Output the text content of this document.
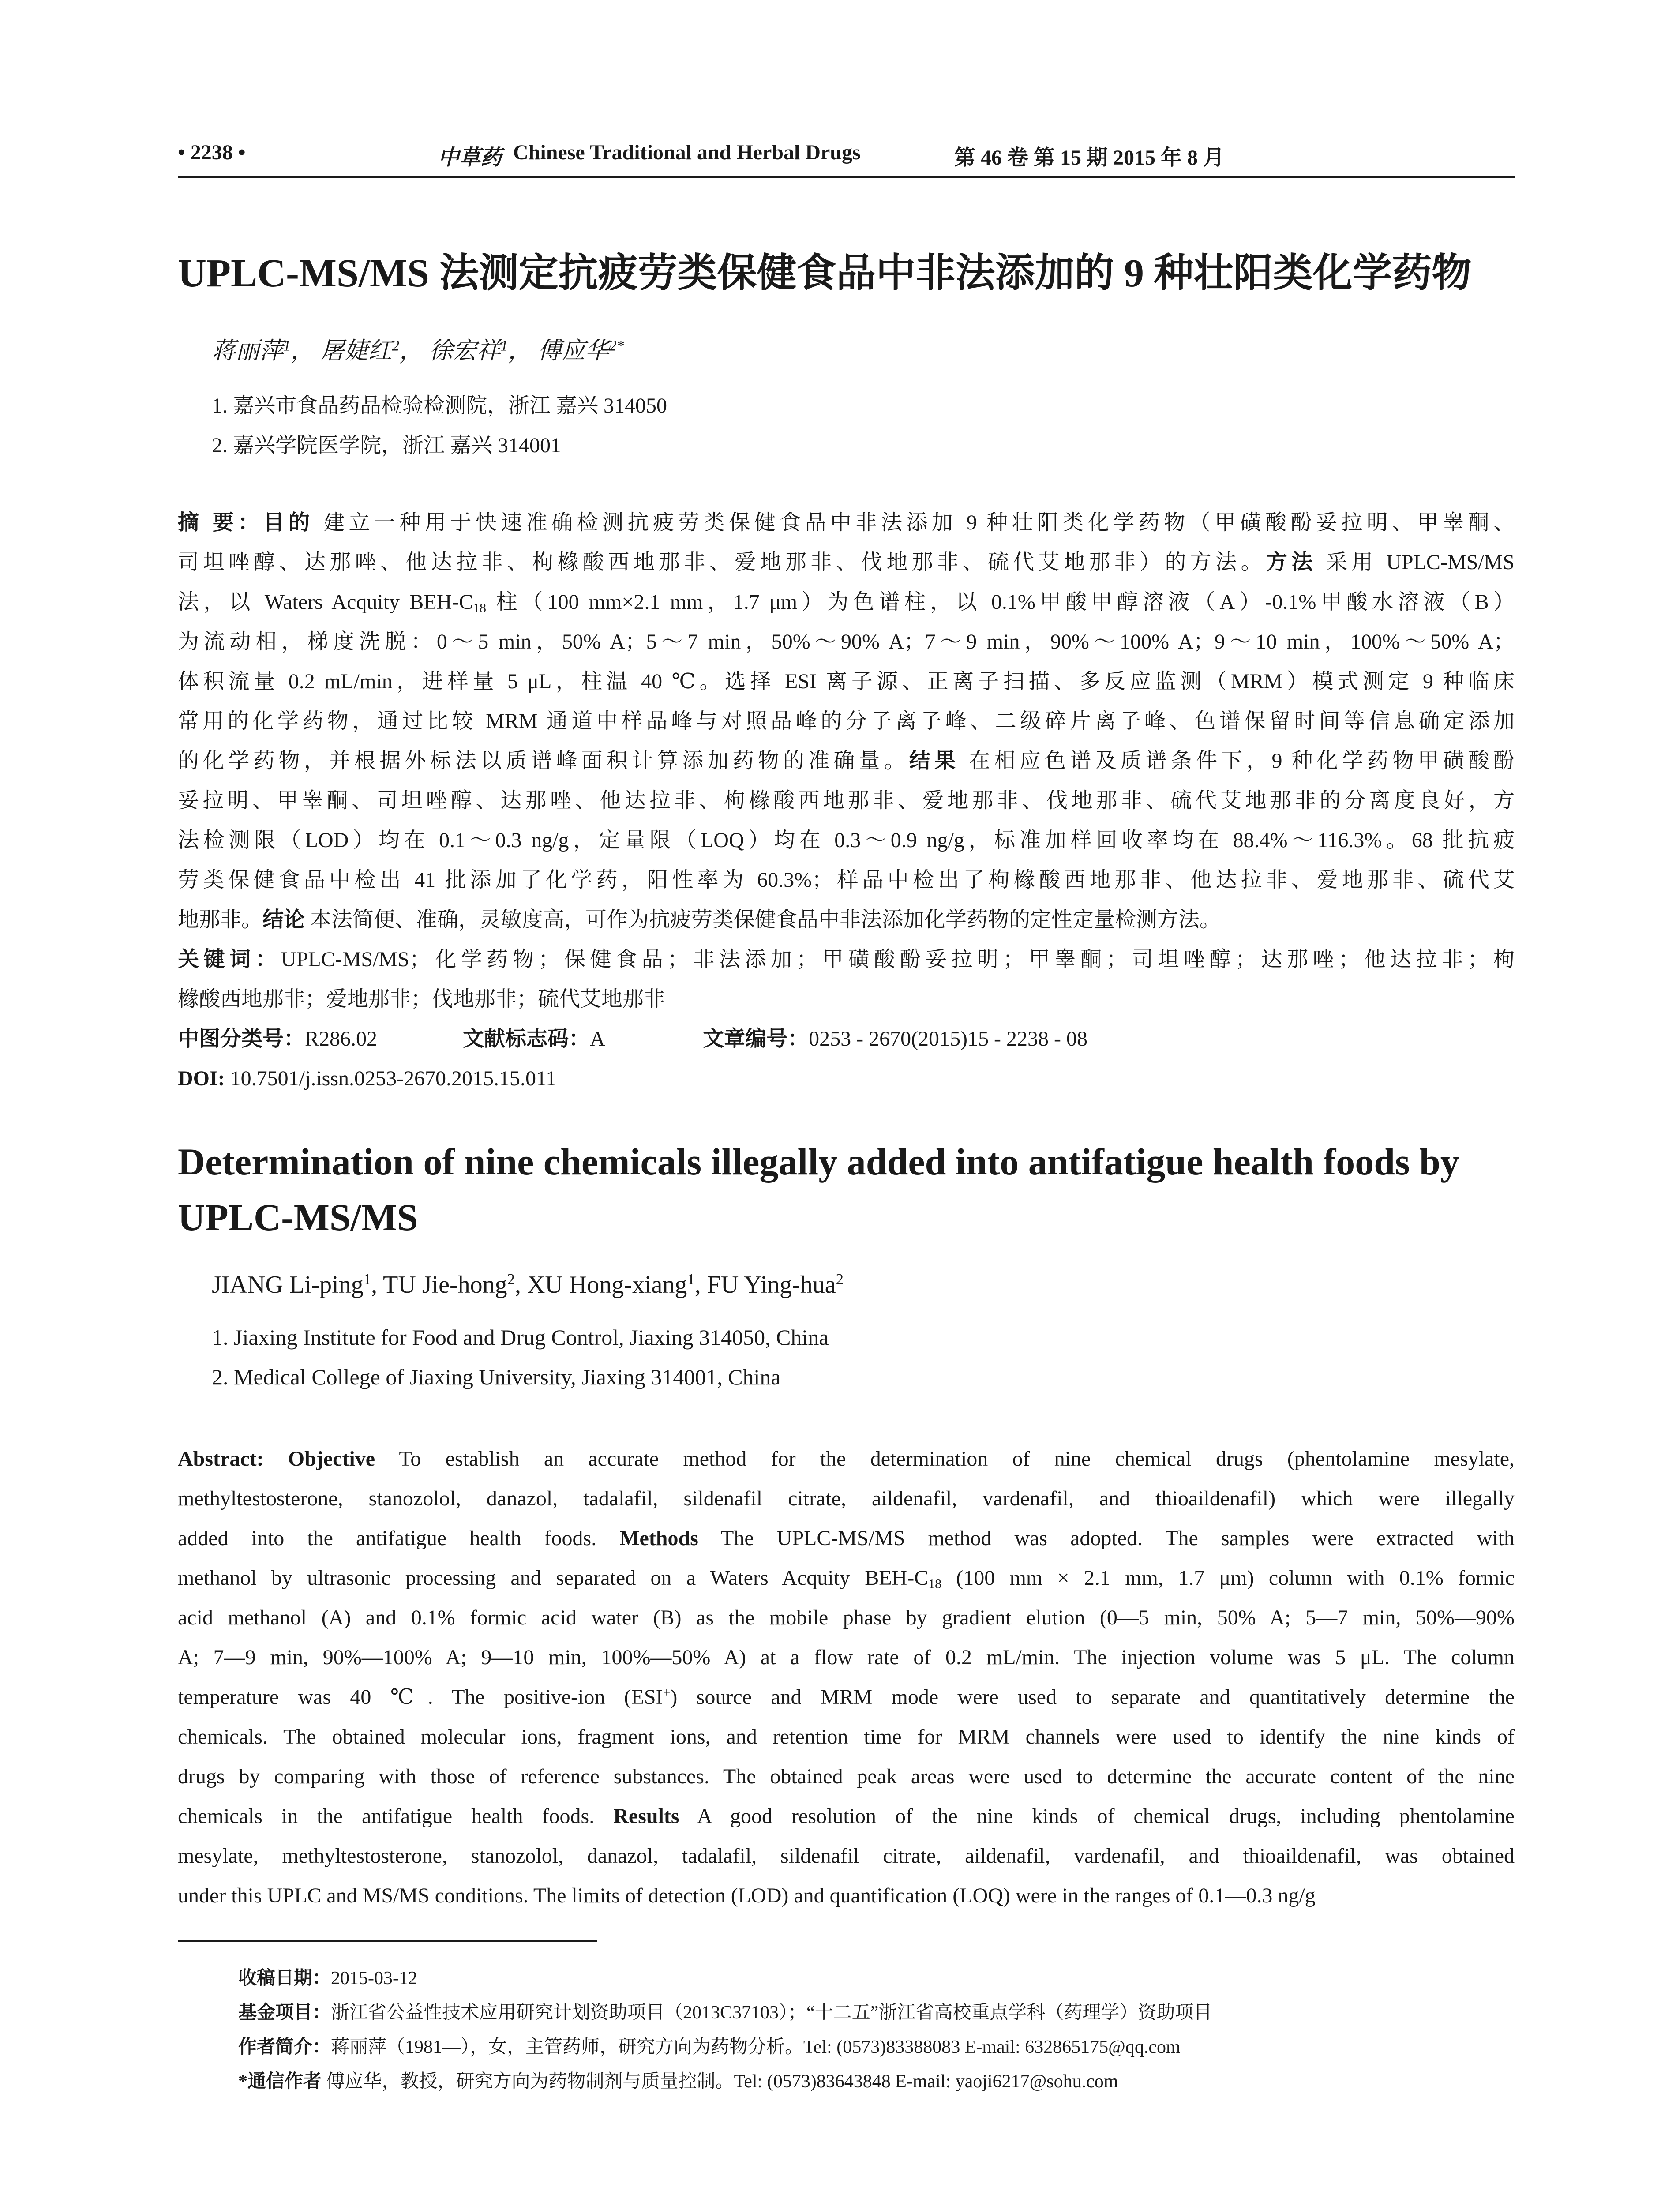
• 2238 •	中草药 Chinese Traditional and Herbal Drugs	第 46 卷 第 15 期 2015 年 8 月
UPLC-MS/MS 法测定抗疲劳类保健食品中非法添加的 9 种壮阳类化学药物
蒋丽萍$^1$， 屠婕红$^2$， 徐宏祥$^1$， 傅应华$^{2*}$
1. 嘉兴市食品药品检验检测院，浙江 嘉兴 314050
2. 嘉兴学院医学院，浙江 嘉兴 314001
摘 要：目的 建立一种用于快速准确检测抗疲劳类保健食品中非法添加 9 种壮阳类化学药物（甲磺酸酚妥拉明、甲睾酮、
司坦唑醇、达那唑、他达拉非、枸橼酸西地那非、爱地那非、伐地那非、硫代艾地那非）的方法。方法 采用 UPLC-MS/MS
法，以 Waters Acquity BEH-$C_{18}$ 柱（100 mm×2.1 mm，1.7 μm）为色谱柱，以 0.1%甲酸甲醇溶液（A）-0.1%甲酸水溶液（B）
为流动相，梯度洗脱：0～5 min，50% A；5～7 min，50%～90% A；7～9 min，90%～100% A；9～10 min，100%～50% A；
体积流量 0.2 mL/min，进样量 5 μL，柱温 40 ℃。选择 ESI 离子源、正离子扫描、多反应监测（MRM）模式测定 9 种临床
常用的化学药物，通过比较 MRM 通道中样品峰与对照品峰的分子离子峰、二级碎片离子峰、色谱保留时间等信息确定添加
的化学药物，并根据外标法以质谱峰面积计算添加药物的准确量。结果 在相应色谱及质谱条件下，9 种化学药物甲磺酸酚
妥拉明、甲睾酮、司坦唑醇、达那唑、他达拉非、枸橼酸西地那非、爱地那非、伐地那非、硫代艾地那非的分离度良好，方
法检测限（LOD）均在 0.1～0.3 ng/g，定量限（LOQ）均在 0.3～0.9 ng/g，标准加样回收率均在 88.4%～116.3%。68 批抗疲
劳类保健食品中检出 41 批添加了化学药，阳性率为 60.3%；样品中检出了枸橼酸西地那非、他达拉非、爱地那非、硫代艾
地那非。结论 本法简便、准确，灵敏度高，可作为抗疲劳类保健食品中非法添加化学药物的定性定量检测方法。
关键词：UPLC-MS/MS；化学药物；保健食品；非法添加；甲磺酸酚妥拉明；甲睾酮；司坦唑醇；达那唑；他达拉非；枸
橼酸西地那非；爱地那非；伐地那非；硫代艾地那非
中图分类号：R286.02	文献标志码：A	文章编号：0253 - 2670(2015)15 - 2238 - 08
DOI: 10.7501/j.issn.0253-2670.2015.15.011
Determination of nine chemicals illegally added into antifatigue health foods by UPLC-MS/MS
JIANG Li-ping$^1$, TU Jie-hong$^2$, XU Hong-xiang$^1$, FU Ying-hua$^2$
1. Jiaxing Institute for Food and Drug Control, Jiaxing 314050, China
2. Medical College of Jiaxing University, Jiaxing 314001, China
Abstract: Objective To establish an accurate method for the determination of nine chemical drugs (phentolamine mesylate,
methyltestosterone, stanozolol, danazol, tadalafil, sildenafil citrate, aildenafil, vardenafil, and thioaildenafil) which were illegally
added into the antifatigue health foods. Methods The UPLC-MS/MS method was adopted. The samples were extracted with
methanol by ultrasonic processing and separated on a Waters Acquity BEH-$C_{18}$ (100 mm × 2.1 mm, 1.7 μm) column with 0.1% formic
acid methanol (A) and 0.1% formic acid water (B) as the mobile phase by gradient elution (0—5 min, 50% A; 5—7 min, 50%—90%
A; 7—9 min, 90%—100% A; 9—10 min, 100%—50% A) at a flow rate of 0.2 mL/min. The injection volume was 5 μL. The column
temperature was 40 ℃. The positive-ion (ESI+) source and MRM mode were used to separate and quantitatively determine the
chemicals. The obtained molecular ions, fragment ions, and retention time for MRM channels were used to identify the nine kinds of
drugs by comparing with those of reference substances. The obtained peak areas were used to determine the accurate content of the nine
chemicals in the antifatigue health foods. Results A good resolution of the nine kinds of chemical drugs, including phentolamine
mesylate, methyltestosterone, stanozolol, danazol, tadalafil, sildenafil citrate, aildenafil, vardenafil, and thioaildenafil, was obtained
under this UPLC and MS/MS conditions. The limits of detection (LOD) and quantification (LOQ) were in the ranges of 0.1—0.3 ng/g
收稿日期：2015-03-12
基金项目：浙江省公益性技术应用研究计划资助项目（2013C37103）；“十二五”浙江省高校重点学科（药理学）资助项目
作者简介：蒋丽萍（1981—），女，主管药师，研究方向为药物分析。Tel: (0573)83388083 E-mail: 632865175@qq.com
*通信作者 傅应华，教授，研究方向为药物制剂与质量控制。Tel: (0573)83643848 E-mail: yaoji6217@sohu.com
